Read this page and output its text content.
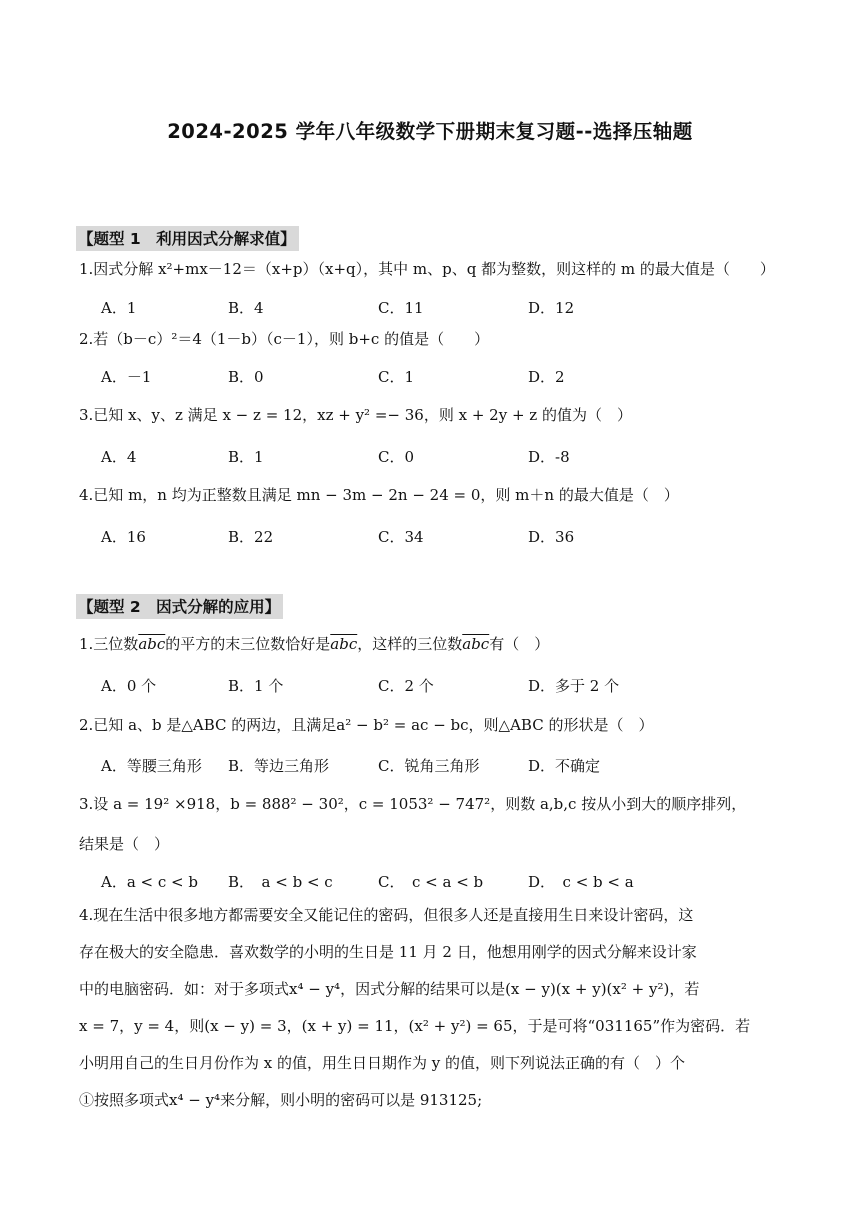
2024-2025 学年八年级数学下册期末复习题--选择压轴题
【题型 1　利用因式分解求值】
1.因式分解 x²+mx－12＝（x+p）（x+q），其中 m、p、q 都为整数，则这样的 m 的最大值是（　　）
A．1	B．4	C．11	D．12
2.若（b－c）²＝4（1－b）（c－1），则 b+c 的值是（　　）
A．－1	B．0	C．1	D．2
3.已知 x、y、z 满足 x − z = 12，xz + y² =− 36，则 x + 2y + z 的值为（　）
A．4	B．1	C．0	D．-8
4.已知 m，n 均为正整数且满足 mn − 3m − 2n − 24 = 0，则 m＋n 的最大值是（　）
A．16	B．22	C．34	D．36
【题型 2　因式分解的应用】
1.三位数$\overline{abc}$的平方的末三位数恰好是$\overline{abc}$，这样的三位数$\overline{abc}$有（　）
A．0 个	B．1 个	C．2 个	D．多于 2 个
2.已知 a、b 是△ABC 的两边，且满足a² − b² = ac − bc，则△ABC 的形状是（　）
A．等腰三角形 B．等边三角形	C．锐角三角形	D．不确定
3.设 a = 19² ×918，b = 888² − 30²，c = 1053² − 747²，则数 a,b,c 按从小到大的顺序排列，
结果是（　）
A．a < c < b B．　a < b < c	C．　c < a < b	D．　c < b < a
4.现在生活中很多地方都需要安全又能记住的密码，但很多人还是直接用生日来设计密码，这
存在极大的安全隐患．喜欢数学的小明的生日是 11 月 2 日，他想用刚学的因式分解来设计家
中的电脑密码．如：对于多项式x⁴ − y⁴，因式分解的结果可以是(x − y)(x + y)(x² + y²)，若
x = 7，y = 4，则(x − y) = 3，(x + y) = 11，(x² + y²) = 65，于是可将“031165”作为密码．若
小明用自己的生日月份作为 x 的值，用生日日期作为 y 的值，则下列说法正确的有（　）个
①按照多项式x⁴ − y⁴来分解，则小明的密码可以是 913125;
